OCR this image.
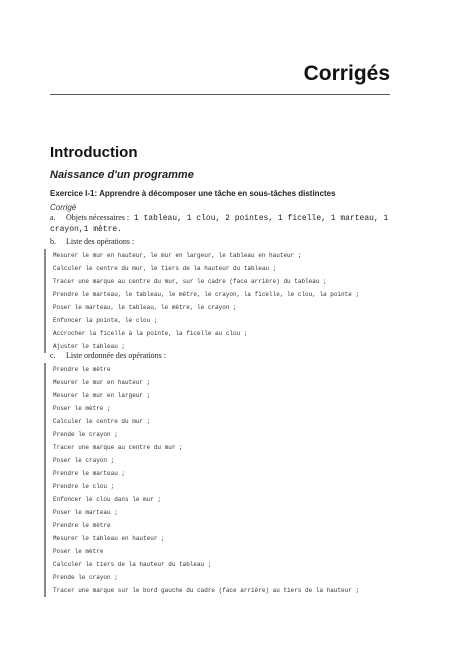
Corrigés
Introduction
Naissance d'un programme
Exercice I-1: Apprendre à décomposer une tâche en sous-tâches distinctes
Corrigé
a. Objets nécessaires : 1 tableau, 1 clou, 2 pointes, 1 ficelle, 1 marteau, 1 crayon,1 mètre.
b. Liste des opérations :
Mesurer le mur en hauteur, le mur en largeur, le tableau en hauteur ;
Calculer le centre du mur, le tiers de la hauteur du tableau ;
Tracer une marque au centre du mur, sur le cadre (face arrière) du tableau ;
Prendre le marteau, le tableau, le mètre, le crayon, la ficelle, le clou, la pointe ;
Poser le marteau, le tableau, le mètre, le crayon ;
Enfoncer la pointe, le clou ;
Accrocher la ficelle à la pointe, la ficelle au clou ;
Ajuster le tableau ;
c. Liste ordonnée des opérations :
Prendre le mètre
Mesurer le mur en hauteur ;
Mesurer le mur en largeur ;
Poser le mètre ;
Calculer le centre du mur ;
Prende le crayon ;
Tracer une marque au centre du mur ;
Poser le crayon ;
Prendre le marteau ;
Prendre le clou ;
Enfoncer le clou dans le mur ;
Poser le marteau ;
Prendre le mètre
Mesurer le tableau en hauteur ;
Poser le mètre
Calculer le tiers de la hauteur du tableau ;
Prende le crayon ;
Tracer une marque sur le bord gauche du cadre (face arrière) au tiers de la hauteur ;
